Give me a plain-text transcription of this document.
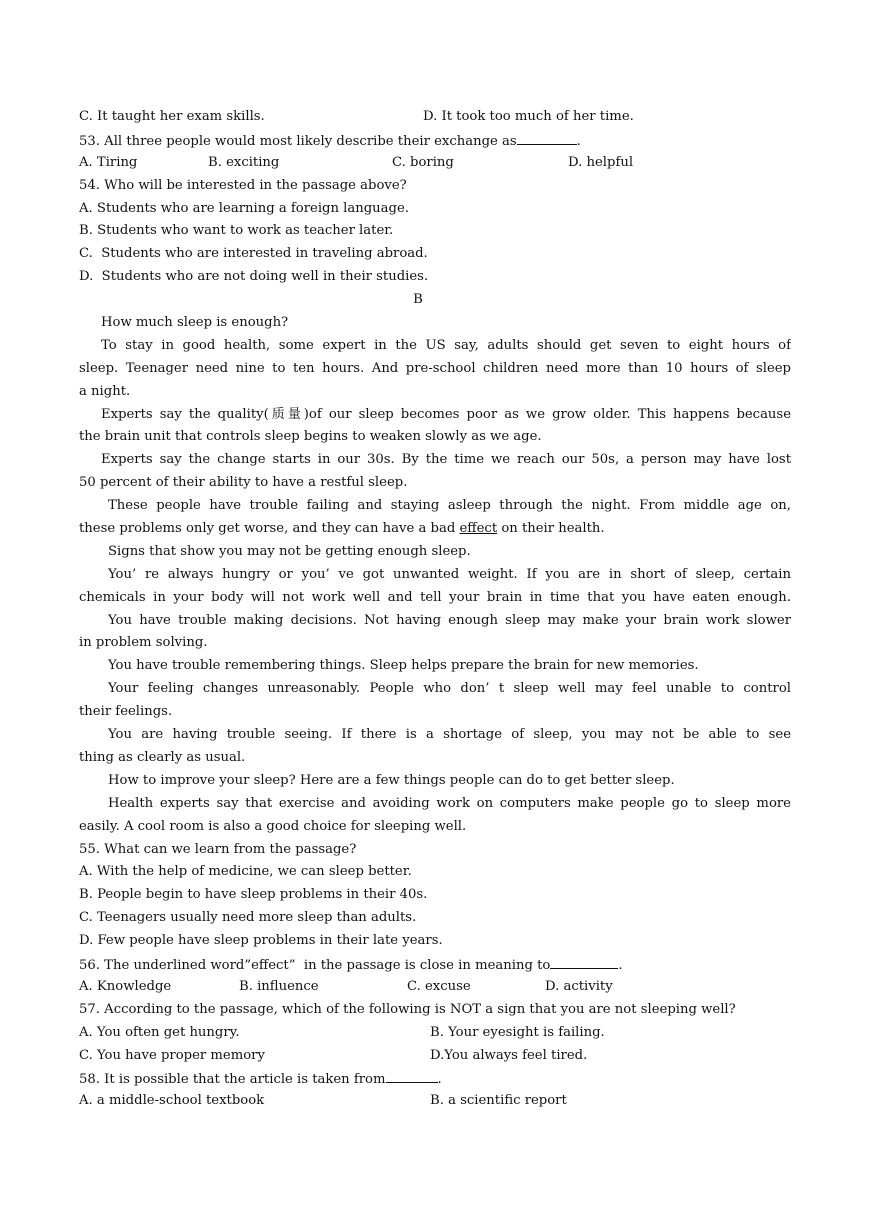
C. It taught her exam skills.	D. It took too much of her time.
53. All three people would most likely describe their exchange as	.
A. Tiring	B. exciting	C. boring	D. helpful
54. Who will be interested in the passage above?
A. Students who are learning a foreign language.
B. Students who want to work as teacher later.
C.  Students who are interested in traveling abroad.
D.  Students who are not doing well in their studies.
B
How much sleep is enough?
To stay in good health, some expert in the US say, adults should get seven to eight hours of
sleep. Teenager need nine to ten hours. And pre-school children need more than 10 hours of sleep
a night.
Experts say the quality(质量)of our sleep becomes poor as we grow older. This happens because
the brain unit that controls sleep begins to weaken slowly as we age.
Experts say the change starts in our 30s. By the time we reach our 50s, a person may have lost
50 percent of their ability to have a restful sleep.
These people have trouble failing and staying asleep through the night. From middle age on,
these problems only get worse, and they can have a bad effect on their health.
Signs that show you may not be getting enough sleep.
You’ re always hungry or you’ ve got unwanted weight. If you are in short of sleep, certain
chemicals in your body will not work well and tell your brain in time that you have eaten enough.
You have trouble making decisions. Not having enough sleep may make your brain work slower
in problem solving.
You have trouble remembering things. Sleep helps prepare the brain for new memories.
Your feeling changes unreasonably. People who don’ t sleep well may feel unable to control
their feelings.
You are having trouble seeing. If there is a shortage of sleep, you may not be able to see
thing as clearly as usual.
How to improve your sleep? Here are a few things people can do to get better sleep.
Health experts say that exercise and avoiding work on computers make people go to sleep more
easily. A cool room is also a good choice for sleeping well.
55. What can we learn from the passage?
A. With the help of medicine, we can sleep better.
B. People begin to have sleep problems in their 40s.
C. Teenagers usually need more sleep than adults.
D. Few people have sleep problems in their late years.
56. The underlined word”effect”  in the passage is close in meaning to	.
A. Knowledge	B. influence	C. excuse	D. activity
57. According to the passage, which of the following is NOT a sign that you are not sleeping well?
A. You often get hungry.	B. Your eyesight is failing.
C. You have proper memory	D.You always feel tired.
58. It is possible that the article is taken from	.
A. a middle-school textbook	B. a scientific report
